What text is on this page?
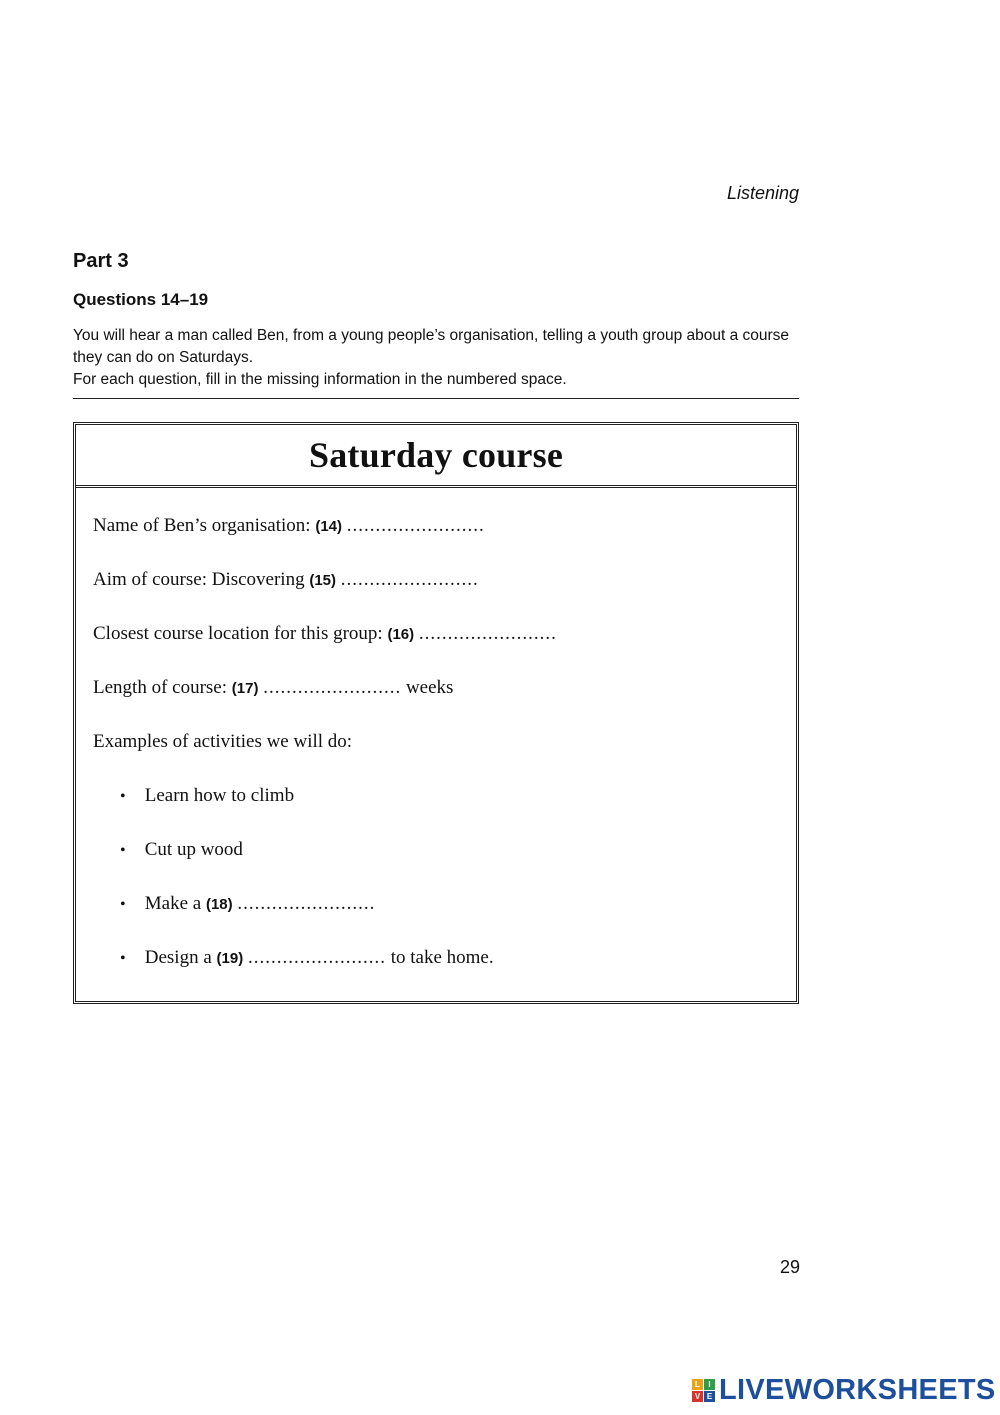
Listening
Part 3
Questions 14–19

You will hear a man called Ben, from a young people’s organisation, telling a youth group about a course they can do on Saturdays.

For each question, fill in the missing information in the numbered space.

Saturday course
Name of Ben’s organisation: (14) ........................
Aim of course: Discovering (15) ........................
Closest course location for this group: (16) ........................
Length of course: (17) ........................ weeks
Examples of activities we will do:
• Learn how to climb
• Cut up wood
• Make a (18) ........................
• Design a (19) ........................ to take home.
29
L	I
V E LIVEWORKSHEETS
